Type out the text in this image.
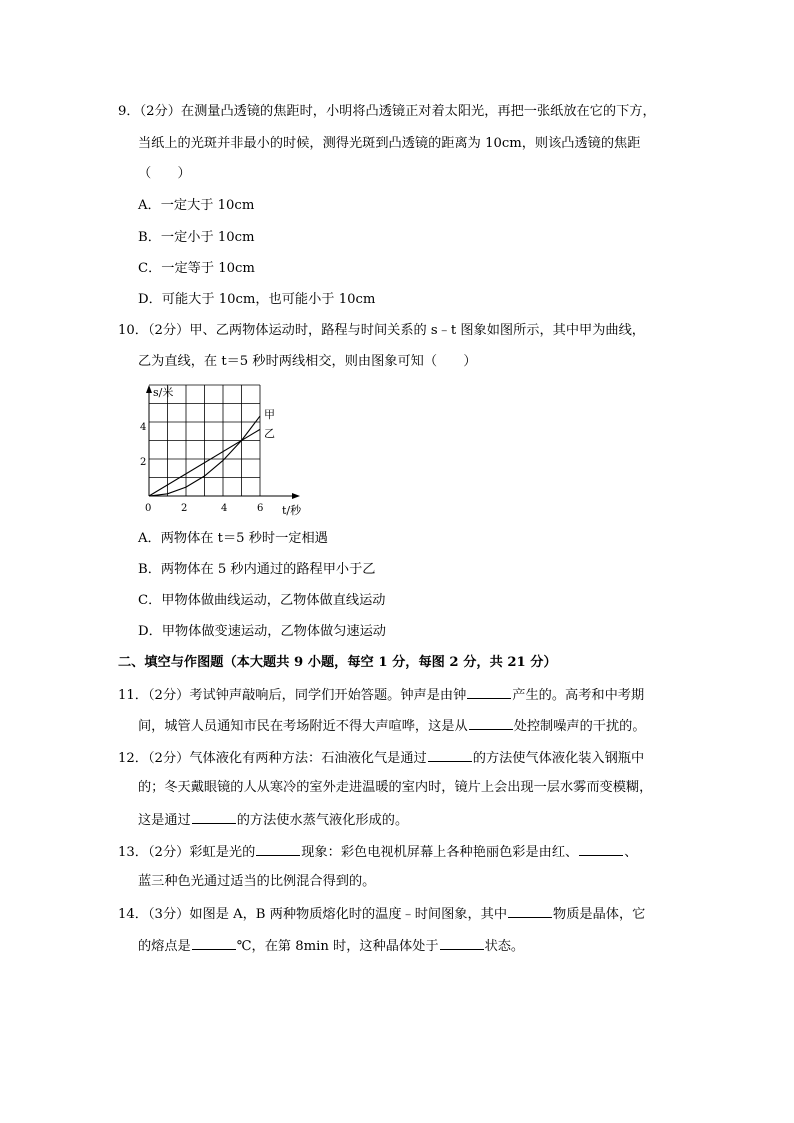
9．（2分）在测量凸透镜的焦距时，小明将凸透镜正对着太阳光，再把一张纸放在它的下方，
当纸上的光斑并非最小的时候，测得光斑到凸透镜的距离为 10cm，则该凸透镜的焦距
（　　）
A．一定大于 10cm
B．一定小于 10cm
C．一定等于 10cm
D．可能大于 10cm，也可能小于 10cm
10．（2分）甲、乙两物体运动时，路程与时间关系的 s﹣t 图象如图所示，其中甲为曲线，
乙为直线，在 t＝5 秒时两线相交，则由图象可知（　　）
s/米
t/秒
0	2	4	6
2
4
甲
乙
A．两物体在 t＝5 秒时一定相遇
B．两物体在 5 秒内通过的路程甲小于乙
C．甲物体做曲线运动，乙物体做直线运动
D．甲物体做变速运动，乙物体做匀速运动
二、填空与作图题（本大题共 9 小题，每空 1 分，每图 2 分，共 21 分）
11．（2分）考试钟声敲响后，同学们开始答题。钟声是由钟	产生的。高考和中考期
间，城管人员通知市民在考场附近不得大声喧哗，这是从	处控制噪声的干扰的。
12．（2分）气体液化有两种方法：石油液化气是通过	的方法使气体液化装入钢瓶中
的；冬天戴眼镜的人从寒冷的室外走进温暖的室内时，镜片上会出现一层水雾而变模糊，
这是通过	的方法使水蒸气液化形成的。
13．（2分）彩虹是光的	现象：彩色电视机屏幕上各种艳丽色彩是由红、	、
蓝三种色光通过适当的比例混合得到的。
14．（3分）如图是 A，B 两种物质熔化时的温度﹣时间图象，其中	物质是晶体，它
的熔点是	℃，在第 8min 时，这种晶体处于	状态。
